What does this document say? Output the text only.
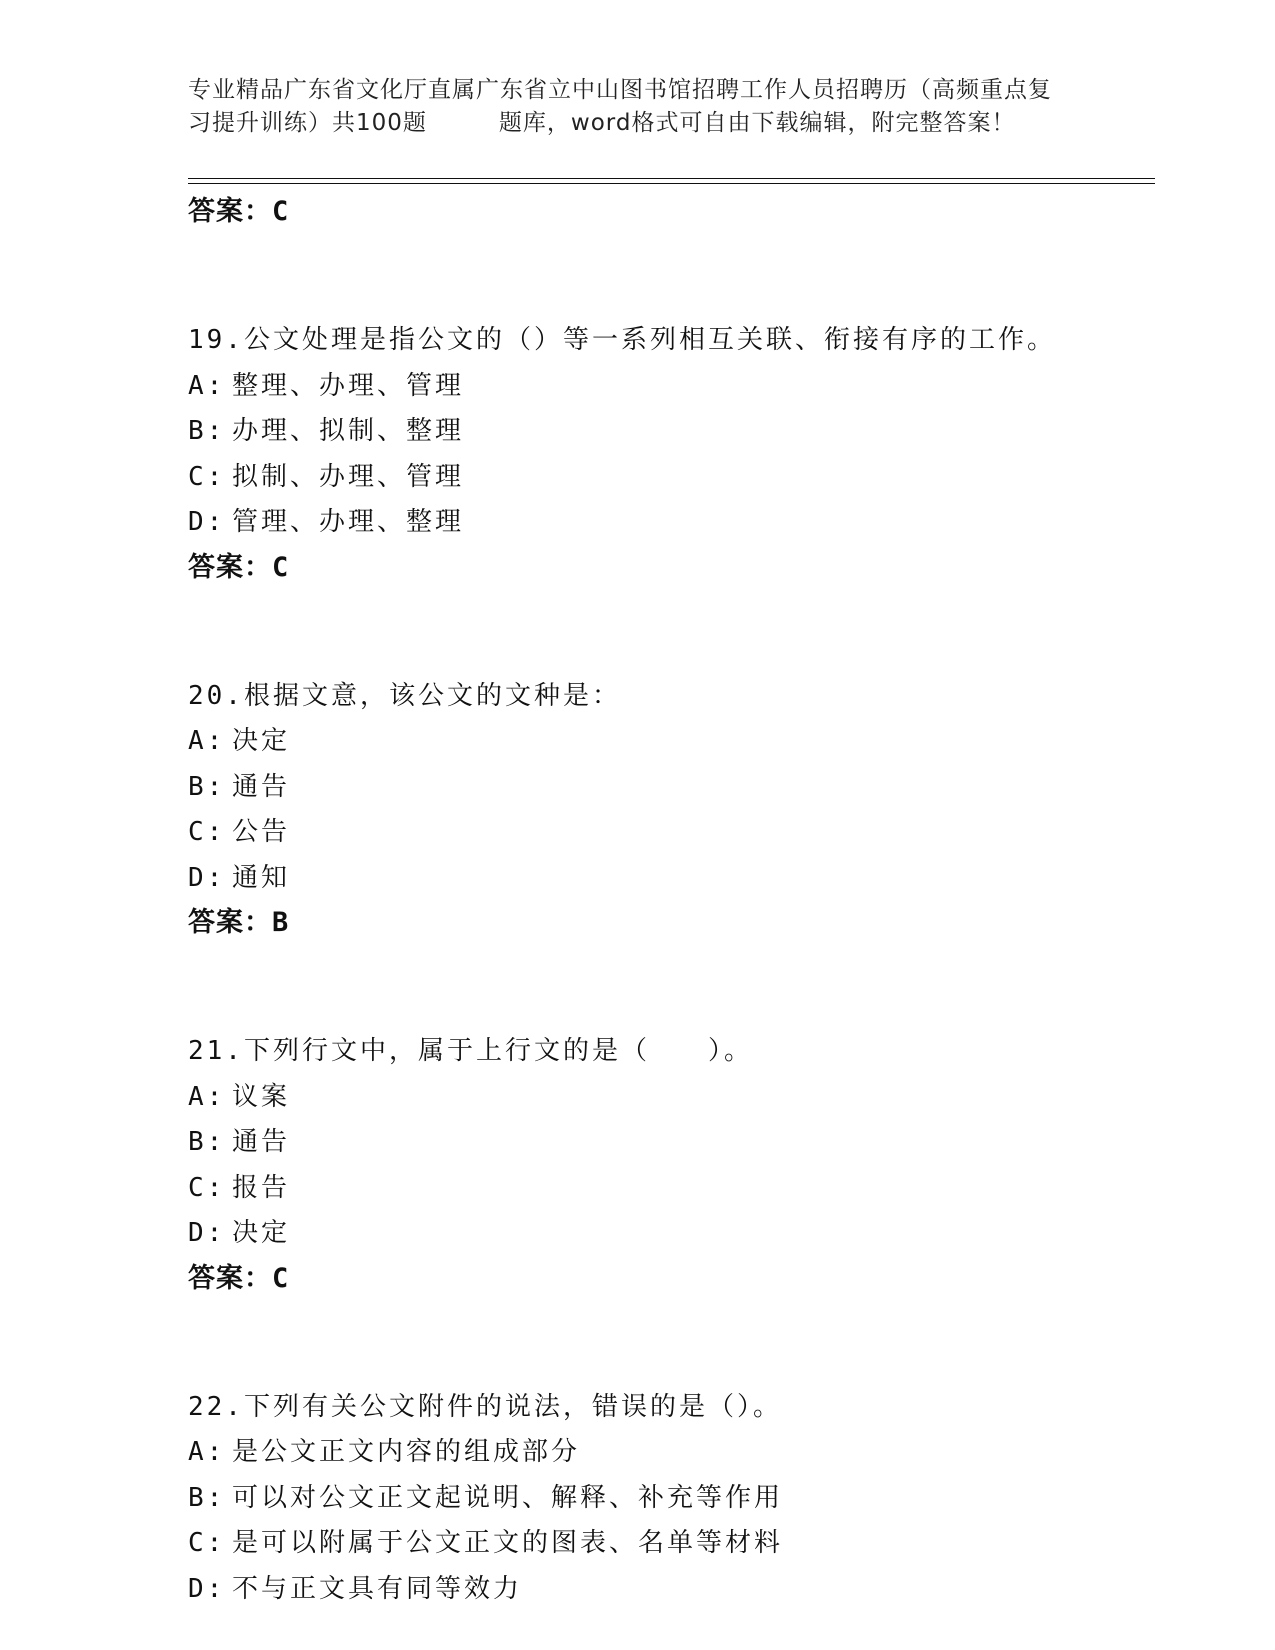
专业精品广东省文化厅直属广东省立中山图书馆招聘工作人员招聘历（高频重点复
习提升训练）共100题	题库，word格式可自由下载编辑，附完整答案！
答案：C
19.公文处理是指公文的（）等一系列相互关联、衔接有序的工作。
A: 整理、办理、管理
B: 办理、拟制、整理
C: 拟制、办理、管理
D: 管理、办理、整理
答案：C
20.根据文意，该公文的文种是：
A: 决定
B: 通告
C: 公告
D: 通知
答案：B
21.下列行文中，属于上行文的是（　　）。
A: 议案
B: 通告
C: 报告
D: 决定
答案：C
22.下列有关公文附件的说法，错误的是（）。
A: 是公文正文内容的组成部分
B: 可以对公文正文起说明、解释、补充等作用
C: 是可以附属于公文正文的图表、名单等材料
D: 不与正文具有同等效力
